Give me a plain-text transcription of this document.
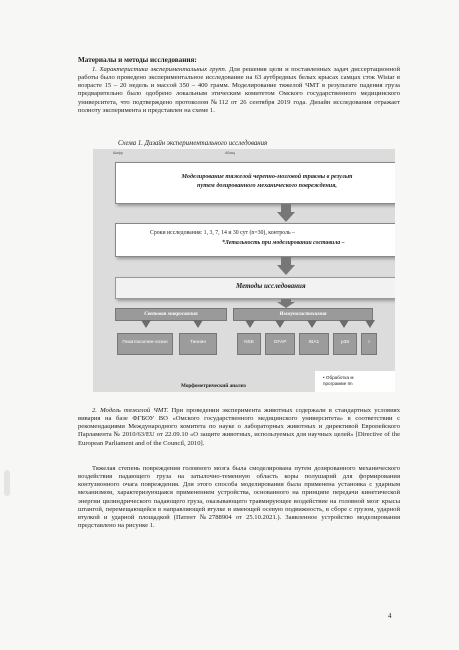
Материалы и методы исследования:
1. Характеристика экспериментальных групп. Для решения цели и поставленных задач диссертационной работы было проведено экспериментальное исследование на 63 аутбредных белых крысах самцах сток Wistar в возрасте 15 – 20 недель и массой 350 – 400 грамм. Моделирование тяжелой ЧМТ в результате падения груза предварительно было одобрено локальным этическим комитетом Омского государственного медицинского университета, что подтверждено протоколом №112 от 26 сентября 2019 года. Дизайн исследования отражает полноту эксперимента и представлен на схеме 1.
Схема 1. Дизайн экспериментального исследования
Шифр	Абзац
Моделирование тяжелой черепно-мозговой травмы в результ
путем дозированного механического повреждения,
Сроки исследования: 1, 3, 7, 14 и 30 сут (n=30), контроль –
*Летальность при моделировании составила –
Методы исследования
Световая микроскопия	Иммуногистохимия
Гематоксилин-эозин	Тионин	NSE	GFAP	IBA1	p38	I
• Обработка м
программе Im
Морфометрический анализ
2. Модель тяжелой ЧМТ. При проведении эксперимента животных содержали в стандартных условиях вивария на базе ФГБОУ ВО «Омского государственного медицинского университета» в соответствии с рекомендациями Международного комитета по науке о лабораторных животных и директивой Европейского Парламента № 2010/63/EU от 22.09.10 «О защите животных, используемых для научных целей» [Directive of the European Parliament and of the Council, 2010].
Тяжелая степень повреждения головного мозга была смоделирована путем дозированного механического воздействия падающего груза на затылочно-теменную область коры полушарий для формирования контузионного очага повреждения. Для этого способа моделирования была применена установка с ударным механизмом, характеризующаяся применением устройства, основанного на принципе передачи кинетической энергии цилиндрического падающего груза, оказывающего травмирующее воздействие на головной мозг крысы штангой, перемещающейся в направляющей втулке и имеющей осевую подвижность, в сборе с грузом, ударной втулкой и ударной площадкой (Патент №2788904 от 25.10.2021.). Заявленное устройство моделирования представлено на рисунке 1.
4
